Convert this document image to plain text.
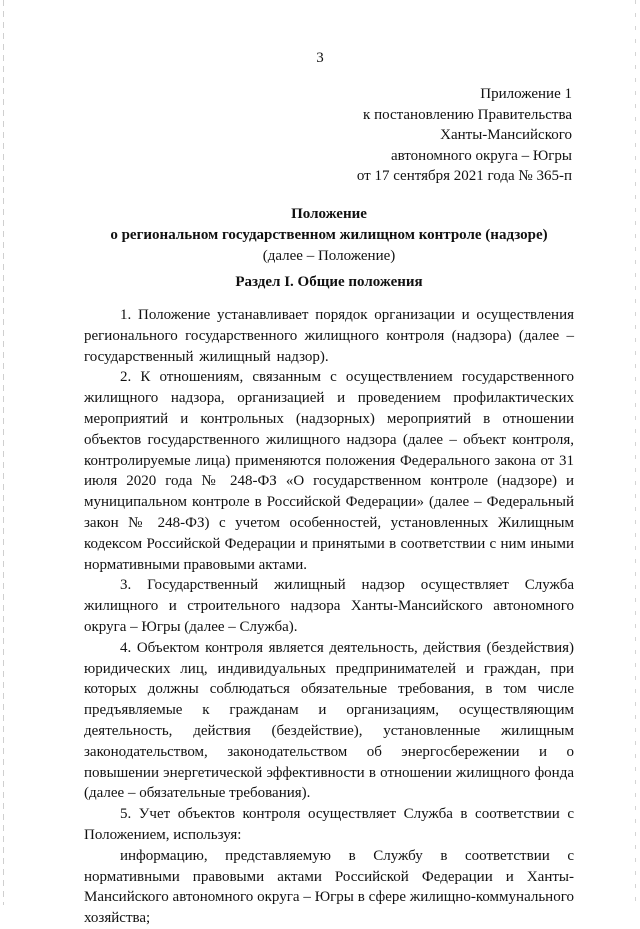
3
Приложение 1
к постановлению Правительства
Ханты-Мансийского
автономного округа – Югры
от 17 сентября 2021 года № 365-п
Положение
о региональном государственном жилищном контроле (надзоре)
(далее – Положение)
Раздел I. Общие положения

1. Положение устанавливает порядок организации и осуществления регионального государственного жилищного контроля (надзора) (далее – государственный жилищный надзор).

2. К отношениям, связанным с осуществлением государственного жилищного надзора, организацией и проведением профилактических мероприятий и контрольных (надзорных) мероприятий в отношении объектов государственного жилищного надзора (далее – объект контроля, контролируемые лица) применяются положения Федерального закона от 31 июля 2020 года № 248-ФЗ «О государственном контроле (надзоре) и муниципальном контроле в Российской Федерации» (далее – Федеральный закон № 248-ФЗ) с учетом особенностей, установленных Жилищным кодексом Российской Федерации и принятыми в соответствии с ним иными нормативными правовыми актами.

3. Государственный жилищный надзор осуществляет Служба жилищного и строительного надзора Ханты-Мансийского автономного округа – Югры (далее – Служба).

4. Объектом контроля является деятельность, действия (бездействия) юридических лиц, индивидуальных предпринимателей и граждан, при которых должны соблюдаться обязательные требования, в том числе предъявляемые к гражданам и организациям, осуществляющим деятельность, действия (бездействие), установленные жилищным законодательством, законодательством об энергосбережении и о повышении энергетической эффективности в отношении жилищного фонда (далее – обязательные требования).

5. Учет объектов контроля осуществляет Служба в соответствии с Положением, используя:

информацию, представляемую в Службу в соответствии с нормативными правовыми актами Российской Федерации и Ханты-Мансийского автономного округа – Югры в сфере жилищно-коммунального хозяйства;
